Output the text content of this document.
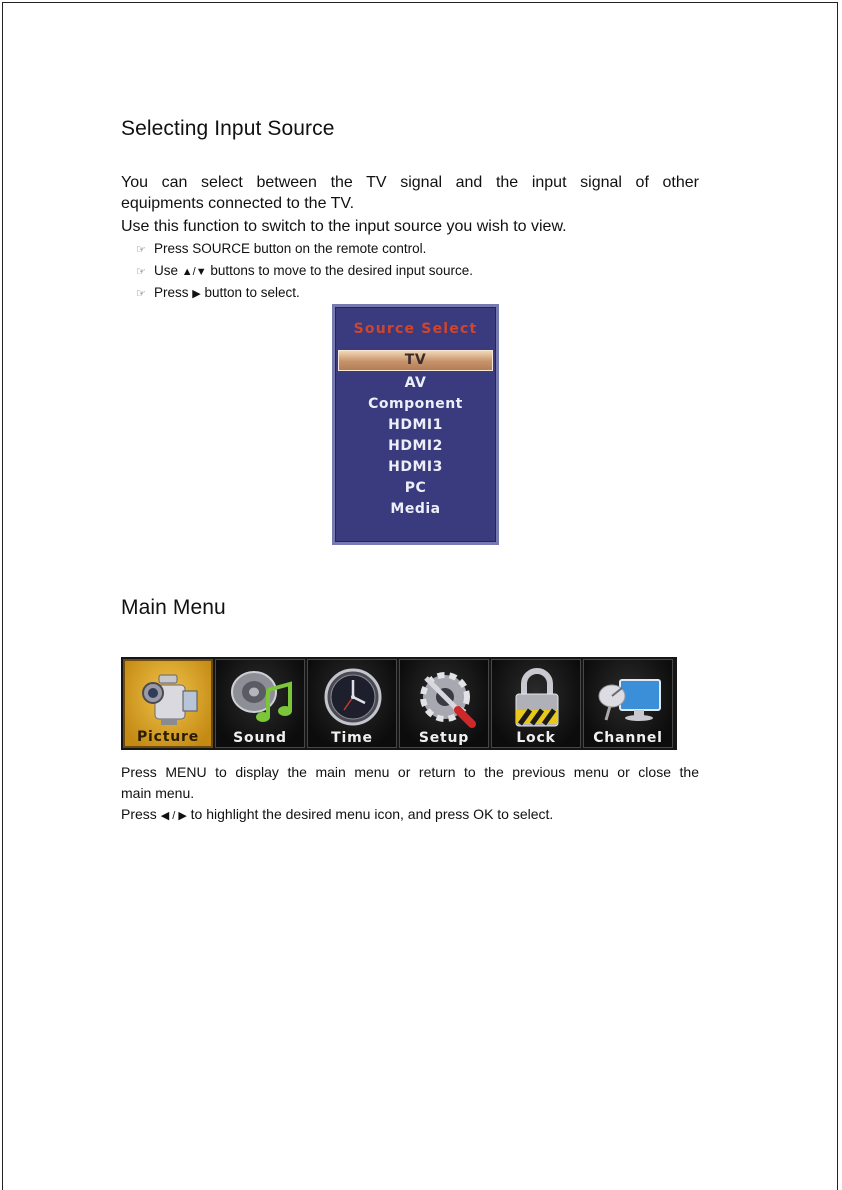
Selecting Input Source

You can select between the TV signal and the input signal of other

equipments connected to the TV.

Use this function to switch to the input source you wish to view.

☞ Press SOURCE button on the remote control.
☞ Use ▲/▼ buttons to move to the desired input source.
☞ Press ▶ button to select.
Source Select
TV
AV
Component
HDMI1
HDMI2
HDMI3
PC
Media
Main Menu
Picture	Sound	Time	Setup	Lock	Channel

Press MENU to display the main menu or return to the previous menu or close the

main menu.

Press ◀ / ▶ to highlight the desired menu icon, and press OK to select.
